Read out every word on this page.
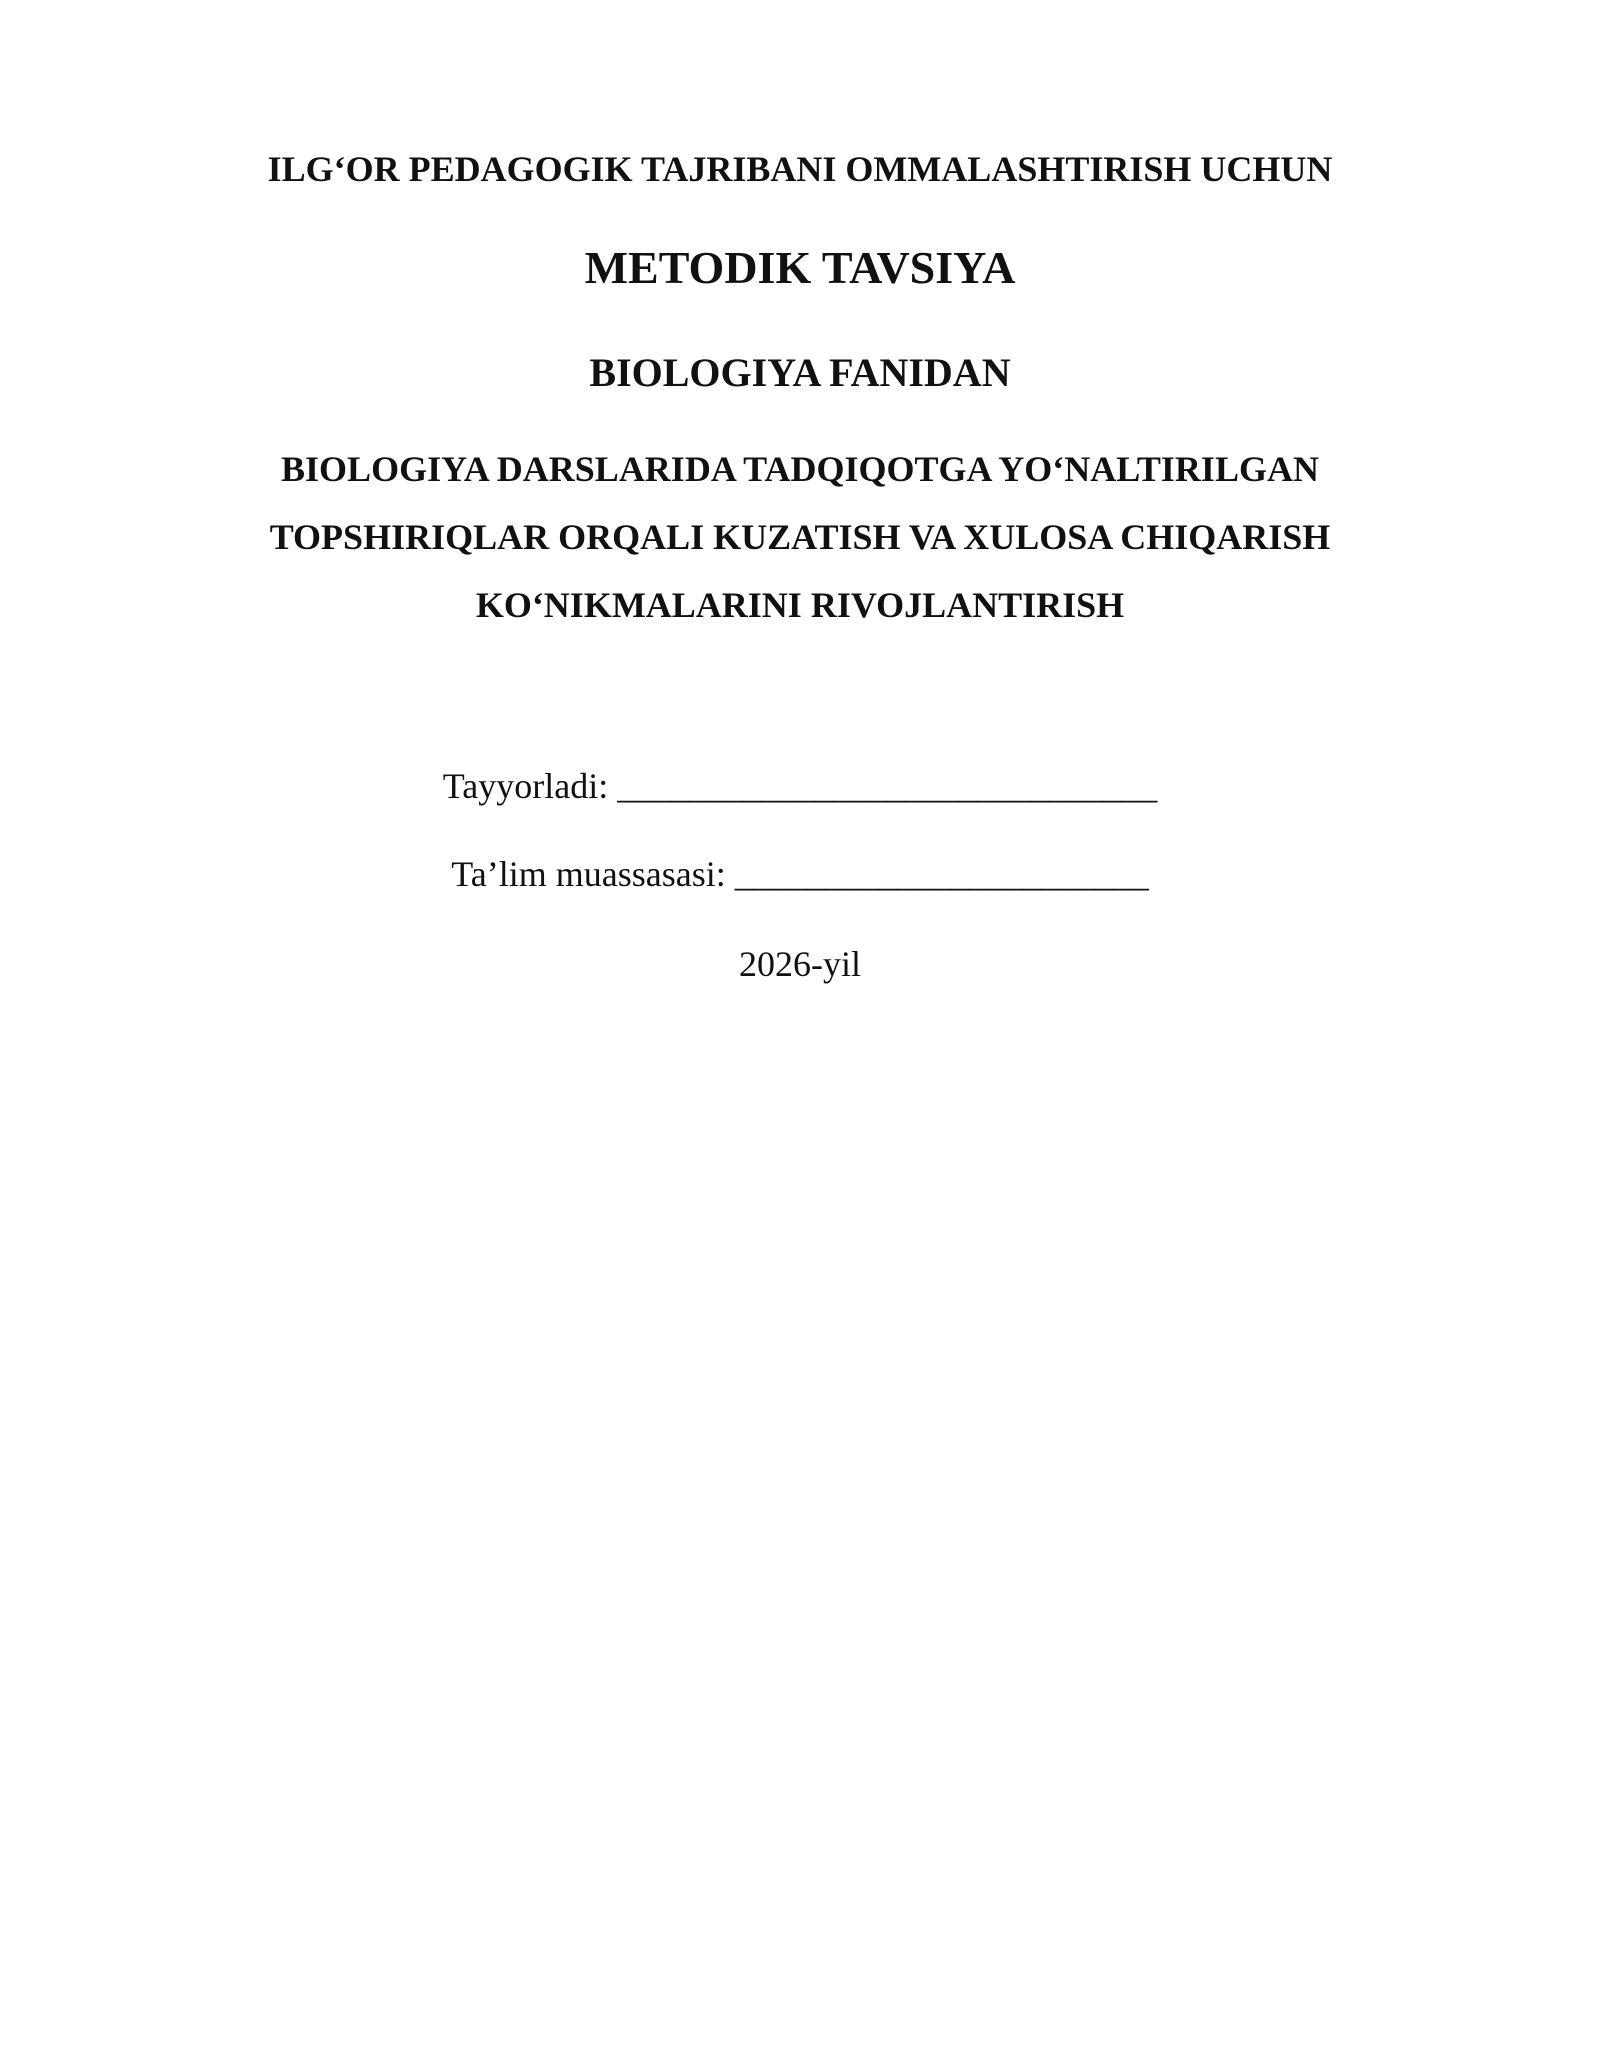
ILG‘OR PEDAGOGIK TAJRIBANI OMMALASHTIRISH UCHUN
METODIK TAVSIYA
BIOLOGIYA FANIDAN
BIOLOGIYA DARSLARIDA TADQIQOTGA YO‘NALTIRILGAN
TOPSHIRIQLAR ORQALI KUZATISH VA XULOSA CHIQARISH
KO‘NIKMALARINI RIVOJLANTIRISH
Tayyorladi: ______________________________
Ta’lim muassasasi: _______________________
2026-yil
